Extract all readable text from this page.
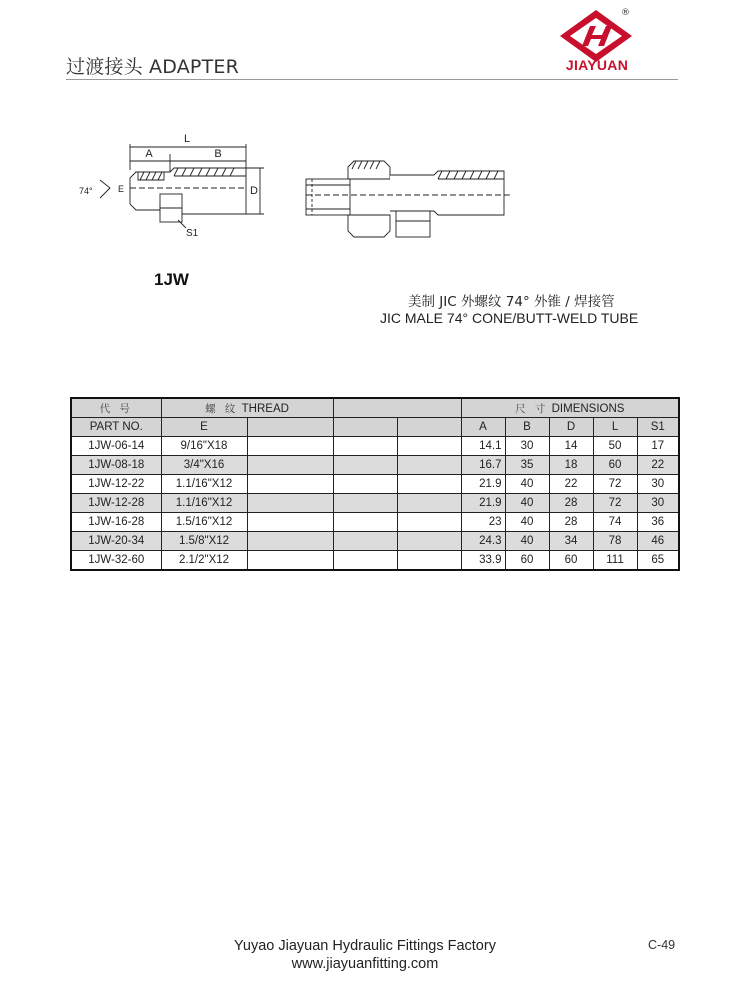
过渡接头 ADAPTER
®
JIAYUAN
L
A	B
D
E
74°
S1
1JW
美制 JIC 外螺纹 74° 外锥 / 焊接管
JIC MALE 74° CONE/BUTT-WELD TUBE
代 号	螺 纹 THREAD				尺 寸 DIMENSIONS				
PART NO.	E				A	B	D	L	S1
1JW-06-14	9/16"X18				14.1	30	14	50	17
1JW-08-18	3/4"X16				16.7	35	18	60	22
1JW-12-22	1.1/16"X12				21.9	40	22	72	30
1JW-12-28	1.1/16"X12				21.9	40	28	72	30
1JW-16-28	1.5/16"X12				23	40	28	74	36
1JW-20-34	1.5/8"X12				24.3	40	34	78	46
1JW-32-60	2.1/2"X12				33.9	60	60	111	65
Yuyao Jiayuan Hydraulic Fittings Factory
www.jiayuanfitting.com
C-49
